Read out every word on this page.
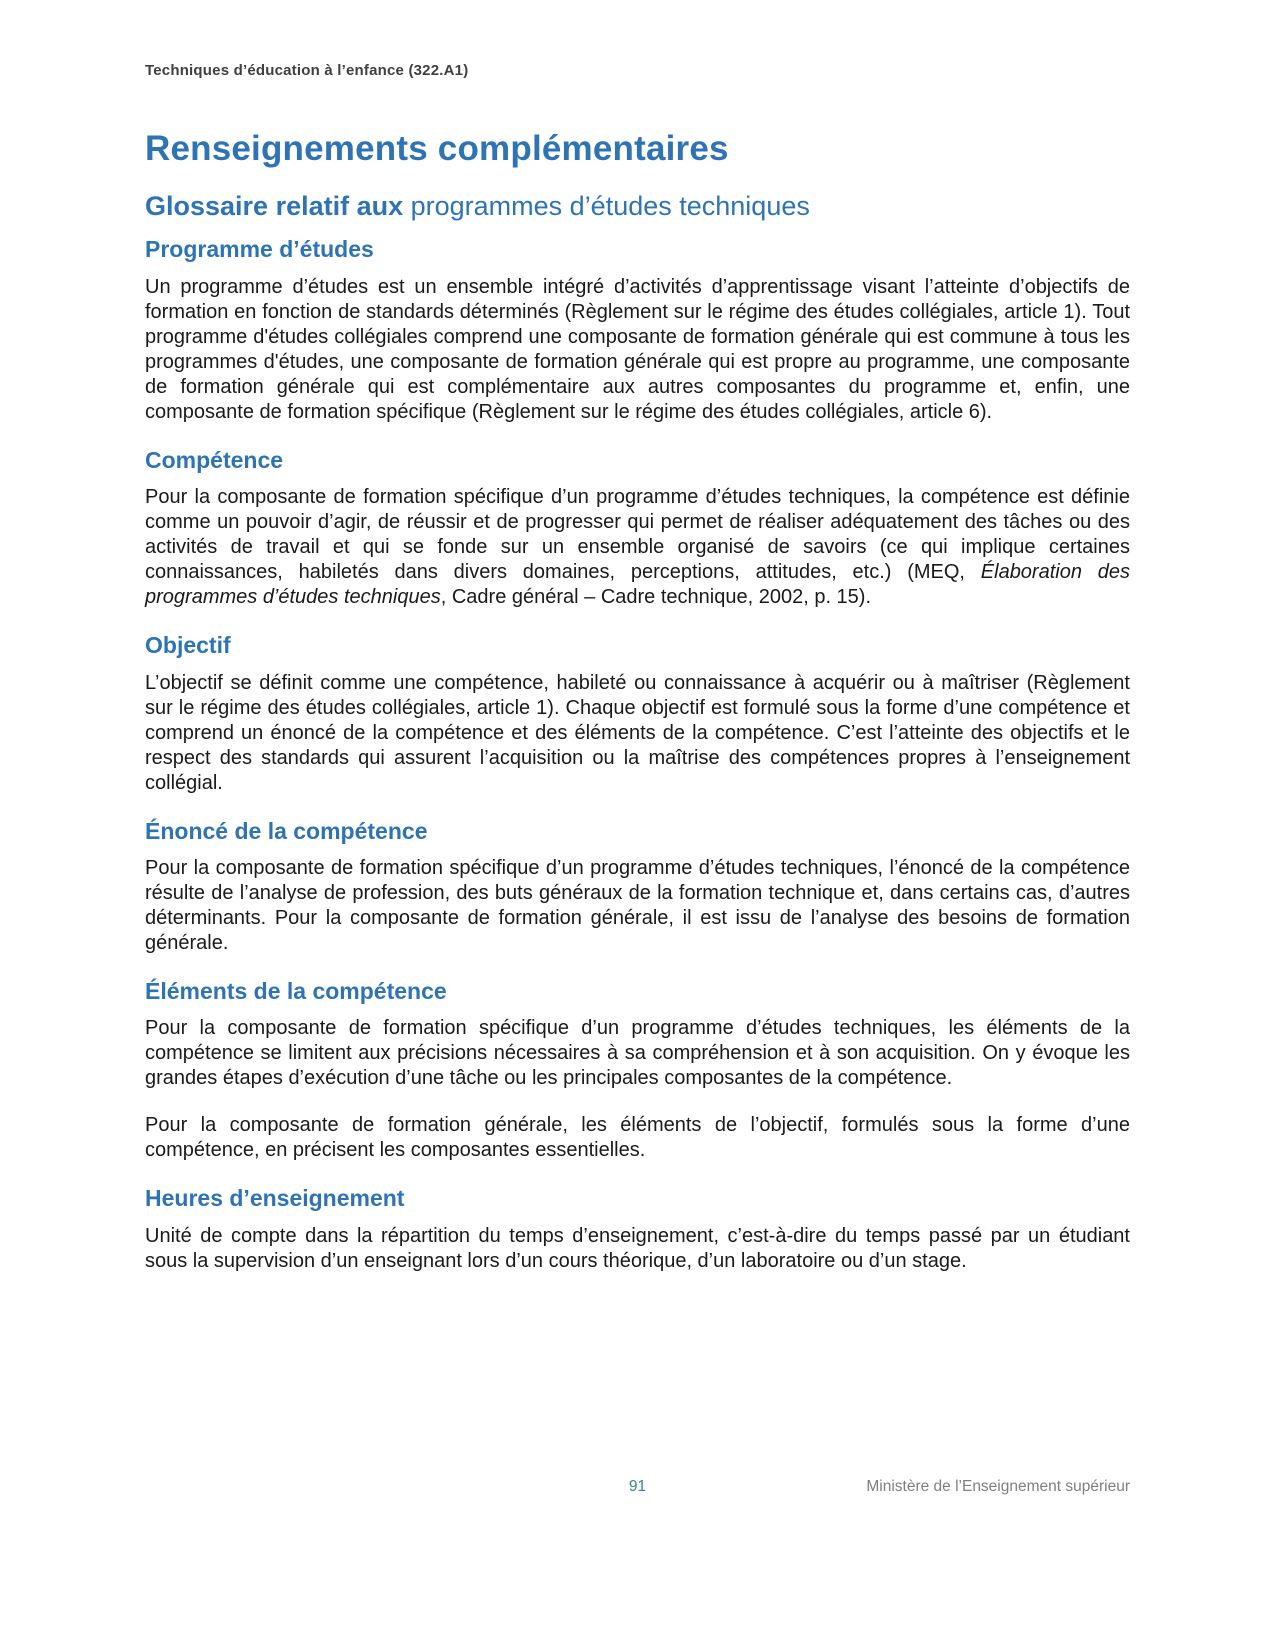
Techniques d’éducation à l’enfance (322.A1)
Renseignements complémentaires
Glossaire relatif aux programmes d’études techniques
Programme d’études

Un programme d’études est un ensemble intégré d’activités d’apprentissage visant l’atteinte d’objectifs de formation en fonction de standards déterminés (Règlement sur le régime des études collégiales, article 1). Tout programme d'études collégiales comprend une composante de formation générale qui est commune à tous les programmes d'études, une composante de formation générale qui est propre au programme, une composante de formation générale qui est complémentaire aux autres composantes du programme et, enfin, une composante de formation spécifique (Règlement sur le régime des études collégiales, article 6).

Compétence

Pour la composante de formation spécifique d’un programme d’études techniques, la compétence est définie comme un pouvoir d’agir, de réussir et de progresser qui permet de réaliser adéquatement des tâches ou des activités de travail et qui se fonde sur un ensemble organisé de savoirs (ce qui implique certaines connaissances, habiletés dans divers domaines, perceptions, attitudes, etc.) (MEQ, Élaboration des programmes d’études techniques, Cadre général – Cadre technique, 2002, p. 15).

Objectif

L’objectif se définit comme une compétence, habileté ou connaissance à acquérir ou à maîtriser (Règlement sur le régime des études collégiales, article 1). Chaque objectif est formulé sous la forme d’une compétence et comprend un énoncé de la compétence et des éléments de la compétence. C’est l’atteinte des objectifs et le respect des standards qui assurent l’acquisition ou la maîtrise des compétences propres à l’enseignement collégial.

Énoncé de la compétence

Pour la composante de formation spécifique d’un programme d’études techniques, l’énoncé de la compétence résulte de l’analyse de profession, des buts généraux de la formation technique et, dans certains cas, d’autres déterminants. Pour la composante de formation générale, il est issu de l’analyse des besoins de formation générale.

Éléments de la compétence

Pour la composante de formation spécifique d’un programme d’études techniques, les éléments de la compétence se limitent aux précisions nécessaires à sa compréhension et à son acquisition. On y évoque les grandes étapes d’exécution d’une tâche ou les principales composantes de la compétence.

Pour la composante de formation générale, les éléments de l’objectif, formulés sous la forme d’une compétence, en précisent les composantes essentielles.

Heures d’enseignement

Unité de compte dans la répartition du temps d’enseignement, c’est-à-dire du temps passé par un étudiant sous la supervision d’un enseignant lors d’un cours théorique, d’un laboratoire ou d’un stage.

91	Ministère de l’Enseignement supérieur
